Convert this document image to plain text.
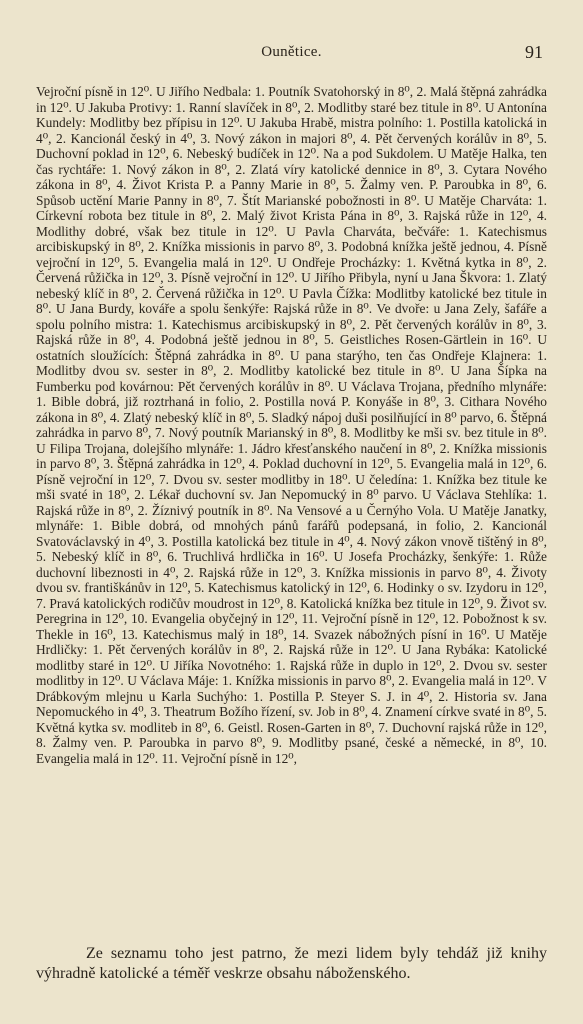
Ounětice.	91

Vejroční písně in 12⁰. U Jiřího Nedbala: 1. Poutník Svatohorský in 8⁰, 2. Malá štěpná zahrádka in 12⁰. U Jakuba Protivy: 1. Ranní slavíček in 8⁰, 2. Modlitby staré bez titule in 8⁰. U Antonína Kundely: Modlitby bez přípisu in 12⁰. U Jakuba Hrabě, mistra polního: 1. Postilla katolická in 4⁰, 2. Kancionál český in 4⁰, 3. Nový zákon in majori 8⁰, 4. Pět červených korálův in 8⁰, 5. Duchovní poklad in 12⁰, 6. Nebeský budíček in 12⁰. Na a pod Sukdolem. U Matěje Halka, ten čas rychtáře: 1. Nový zákon in 8⁰, 2. Zlatá víry katolické dennice in 8⁰, 3. Cytara Nového zákona in 8⁰, 4. Život Krista P. a Panny Marie in 8⁰, 5. Žalmy ven. P. Paroubka in 8⁰, 6. Spůsob uctění Marie Panny in 8⁰, 7. Štít Marianské pobožnosti in 8⁰. U Matěje Charváta: 1. Církevní robota bez titule in 8⁰, 2. Malý život Krista Pána in 8⁰, 3. Rajská růže in 12⁰, 4. Modlithy dobré, však bez titule in 12⁰. U Pavla Charváta, bečváře: 1. Katechismus arcibiskupský in 8⁰, 2. Knížka missionis in parvo 8⁰, 3. Podobná knížka ještě jednou, 4. Písně vejroční in 12⁰, 5. Evangelia malá in 12⁰. U Ondřeje Procházky: 1. Květná kytka in 8⁰, 2. Červená růžička in 12⁰, 3. Písně vejroční in 12⁰. U Jiřího Přibyla, nyní u Jana Škvora: 1. Zlatý nebeský klíč in 8⁰, 2. Červená růžička in 12⁰. U Pavla Čížka: Modlitby katolické bez titule in 8⁰. U Jana Burdy, kováře a spolu šenkýře: Rajská růže in 8⁰. Ve dvoře: u Jana Zely, šafáře a spolu polního mistra: 1. Katechismus arcibiskupský in 8⁰, 2. Pět červených korálův in 8⁰, 3. Rajská růže in 8⁰, 4. Podobná ještě jednou in 8⁰, 5. Geistliches Rosen-Gärtlein in 16⁰. U ostatních sloužících: Štěpná zahrádka in 8⁰. U pana starýho, ten čas Ondřeje Klajnera: 1. Modlitby dvou sv. sester in 8⁰, 2. Modlitby katolické bez titule in 8⁰. U Jana Šípka na Fumberku pod kovárnou: Pět červených korálův in 8⁰. U Václava Trojana, předního mlynáře: 1. Bible dobrá, již roztrhaná in folio, 2. Postilla nová P. Konyáše in 8⁰, 3. Cithara Nového zákona in 8⁰, 4. Zlatý nebeský klíč in 8⁰, 5. Sladký nápoj duši posilňující in 8⁰ parvo, 6. Štěpná zahrádka in parvo 8⁰, 7. Nový poutník Marianský in 8⁰, 8. Modlitby ke mši sv. bez titule in 8⁰. U Filipa Trojana, dolejšího mlynáře: 1. Jádro křesťanského naučení in 8⁰, 2. Knížka missionis in parvo 8⁰, 3. Štěpná zahrádka in 12⁰, 4. Poklad duchovní in 12⁰, 5. Evangelia malá in 12⁰, 6. Písně vejroční in 12⁰, 7. Dvou sv. sester modlitby in 18⁰. U čeledína: 1. Knížka bez titule ke mši svaté in 18⁰, 2. Lékař duchovní sv. Jan Nepomucký in 8⁰ parvo. U Václava Stehlíka: 1. Rajská růže in 8⁰, 2. Žíznivý poutník in 8⁰. Na Vensové a u Černýho Vola. U Matěje Janatky, mlynáře: 1. Bible dobrá, od mnohých pánů farářů podepsaná, in folio, 2. Kancionál Svatováclavský in 4⁰, 3. Postilla katolická bez titule in 4⁰, 4. Nový zákon vnově tištěný in 8⁰, 5. Nebeský klíč in 8⁰, 6. Truchlivá hrdlička in 16⁰. U Josefa Procházky, šenkýře: 1. Růže duchovní libeznosti in 4⁰, 2. Rajská růže in 12⁰, 3. Knížka missionis in parvo 8⁰, 4. Životy dvou sv. františkánův in 12⁰, 5. Katechismus katolický in 12⁰, 6. Hodinky o sv. Izydoru in 12⁰, 7. Pravá katolických rodičův moudrost in 12⁰, 8. Katolická knížka bez titule in 12⁰, 9. Život sv. Peregrina in 12⁰, 10. Evangelia obyčejný in 12⁰, 11. Vejroční písně in 12⁰, 12. Pobožnost k sv. Thekle in 16⁰, 13. Katechismus malý in 18⁰, 14. Svazek nábožných písní in 16⁰. U Matěje Hrdličky: 1. Pět červených korálův in 8⁰, 2. Rajská růže in 12⁰. U Jana Rybáka: Katolické modlitby staré in 12⁰. U Jiříka Novotného: 1. Rajská růže in duplo in 12⁰, 2. Dvou sv. sester modlitby in 12⁰. U Václava Máje: 1. Knížka missionis in parvo 8⁰, 2. Evangelia malá in 12⁰. V Drábkovým mlejnu u Karla Suchýho: 1. Postilla P. Steyer S. J. in 4⁰, 2. Historia sv. Jana Nepomuckého in 4⁰, 3. Theatrum Božího řízení, sv. Job in 8⁰, 4. Znamení církve svaté in 8⁰, 5. Květná kytka sv. modliteb in 8⁰, 6. Geistl. Rosen-Garten in 8⁰, 7. Duchovní rajská růže in 12⁰, 8. Žalmy ven. P. Paroubka in parvo 8⁰, 9. Modlitby psané, české a německé, in 8⁰, 10. Evangelia malá in 12⁰. 11. Vejroční písně in 12⁰,

Ze seznamu toho jest patrno, že mezi lidem byly tehdáž již knihy výhradně katolické a téměř veskrze obsahu náboženského.
